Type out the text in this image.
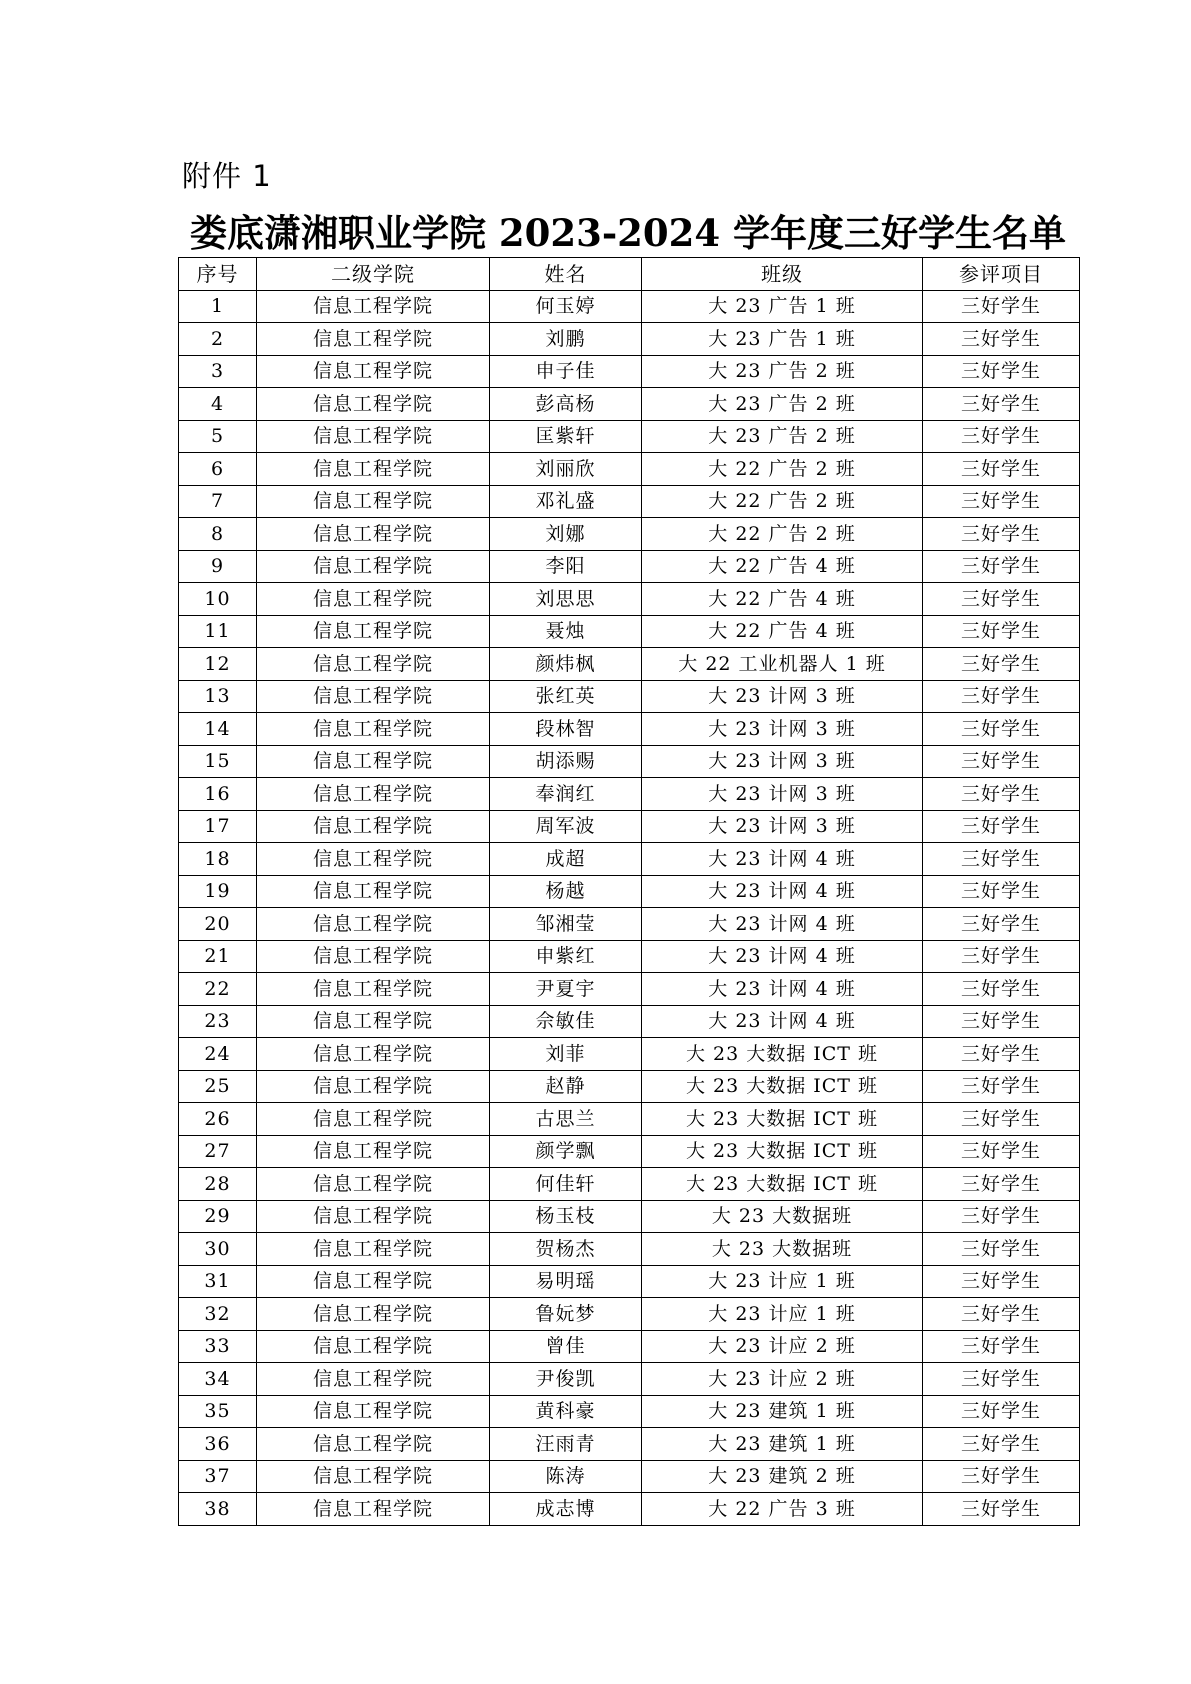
附件 1
娄底潇湘职业学院 2023-2024 学年度三好学生名单
序号	二级学院	姓名	班级	参评项目
1	信息工程学院	何玉婷	大 23 广告 1 班	三好学生
2	信息工程学院	刘鹏	大 23 广告 1 班	三好学生
3	信息工程学院	申子佳	大 23 广告 2 班	三好学生
4	信息工程学院	彭高杨	大 23 广告 2 班	三好学生
5	信息工程学院	匡紫轩	大 23 广告 2 班	三好学生
6	信息工程学院	刘丽欣	大 22 广告 2 班	三好学生
7	信息工程学院	邓礼盛	大 22 广告 2 班	三好学生
8	信息工程学院	刘娜	大 22 广告 2 班	三好学生
9	信息工程学院	李阳	大 22 广告 4 班	三好学生
10	信息工程学院	刘思思	大 22 广告 4 班	三好学生
11	信息工程学院	聂烛	大 22 广告 4 班	三好学生
12	信息工程学院	颜炜枫	大 22 工业机器人 1 班	三好学生
13	信息工程学院	张红英	大 23 计网 3 班	三好学生
14	信息工程学院	段林智	大 23 计网 3 班	三好学生
15	信息工程学院	胡添赐	大 23 计网 3 班	三好学生
16	信息工程学院	奉润红	大 23 计网 3 班	三好学生
17	信息工程学院	周军波	大 23 计网 3 班	三好学生
18	信息工程学院	成超	大 23 计网 4 班	三好学生
19	信息工程学院	杨越	大 23 计网 4 班	三好学生
20	信息工程学院	邹湘莹	大 23 计网 4 班	三好学生
21	信息工程学院	申紫红	大 23 计网 4 班	三好学生
22	信息工程学院	尹夏宇	大 23 计网 4 班	三好学生
23	信息工程学院	佘敏佳	大 23 计网 4 班	三好学生
24	信息工程学院	刘菲	大 23 大数据 ICT 班	三好学生
25	信息工程学院	赵静	大 23 大数据 ICT 班	三好学生
26	信息工程学院	古思兰	大 23 大数据 ICT 班	三好学生
27	信息工程学院	颜学飘	大 23 大数据 ICT 班	三好学生
28	信息工程学院	何佳轩	大 23 大数据 ICT 班	三好学生
29	信息工程学院	杨玉枝	大 23 大数据班	三好学生
30	信息工程学院	贺杨杰	大 23 大数据班	三好学生
31	信息工程学院	易明瑶	大 23 计应 1 班	三好学生
32	信息工程学院	鲁妧梦	大 23 计应 1 班	三好学生
33	信息工程学院	曾佳	大 23 计应 2 班	三好学生
34	信息工程学院	尹俊凯	大 23 计应 2 班	三好学生
35	信息工程学院	黄科豪	大 23 建筑 1 班	三好学生
36	信息工程学院	汪雨青	大 23 建筑 1 班	三好学生
37	信息工程学院	陈涛	大 23 建筑 2 班	三好学生
38	信息工程学院	成志博	大 22 广告 3 班	三好学生
